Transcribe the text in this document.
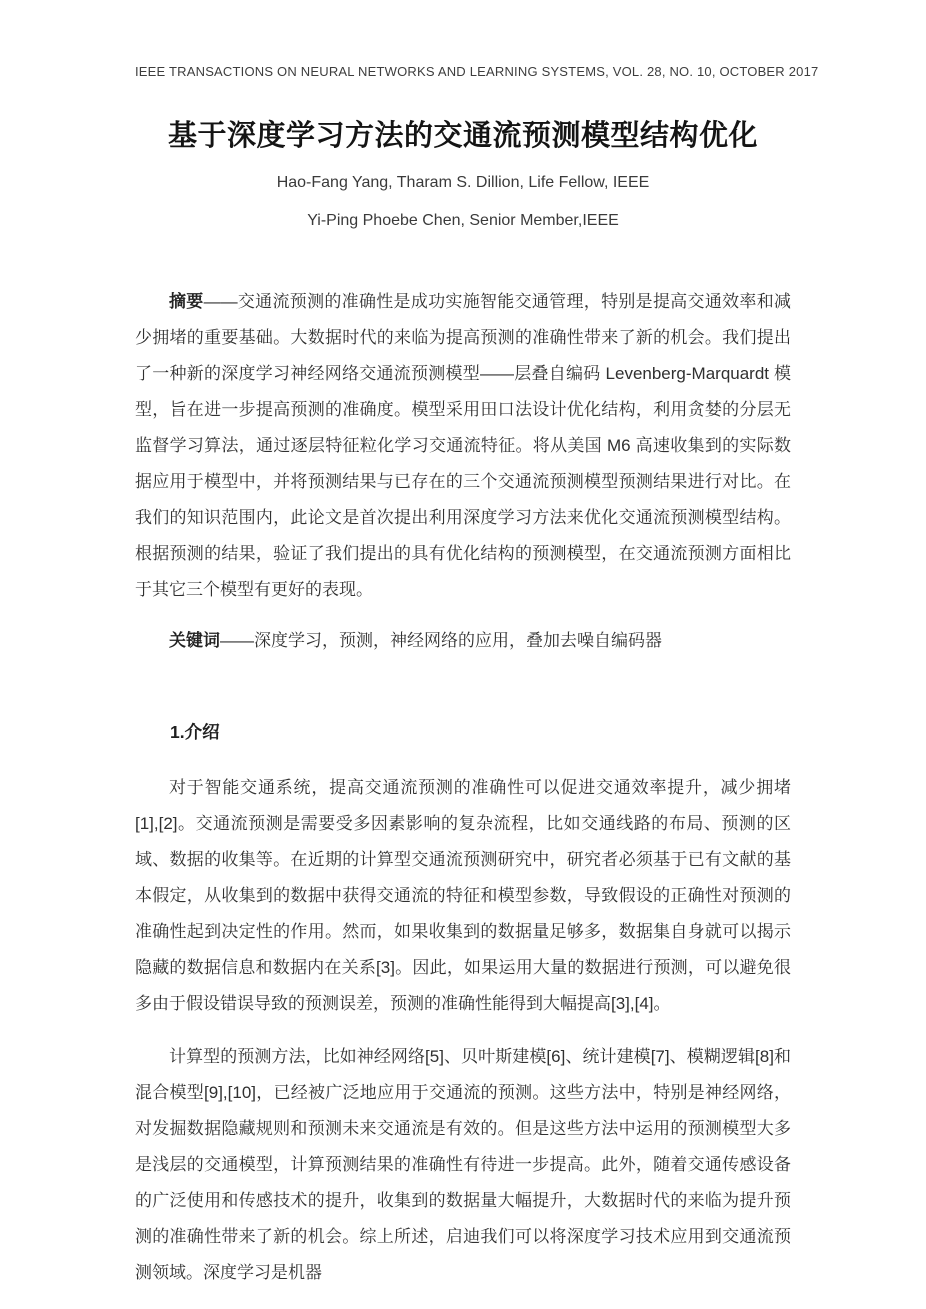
IEEE TRANSACTIONS ON NEURAL NETWORKS AND LEARNING SYSTEMS, VOL. 28, NO. 10, OCTOBER 2017
基于深度学习方法的交通流预测模型结构优化
Hao-Fang Yang, Tharam S. Dillion, Life Fellow, IEEE
Yi-Ping Phoebe Chen, Senior Member,IEEE

摘要——交通流预测的准确性是成功实施智能交通管理，特别是提高交通效率和减少拥堵的重要基础。大数据时代的来临为提高预测的准确性带来了新的机会。我们提出了一种新的深度学习神经网络交通流预测模型——层叠自编码 Levenberg-Marquardt 模型，旨在进一步提高预测的准确度。模型采用田口法设计优化结构，利用贪婪的分层无监督学习算法，通过逐层特征粒化学习交通流特征。将从美国 M6 高速收集到的实际数据应用于模型中，并将预测结果与已存在的三个交通流预测模型预测结果进行对比。在我们的知识范围内，此论文是首次提出利用深度学习方法来优化交通流预测模型结构。根据预测的结果，验证了我们提出的具有优化结构的预测模型，在交通流预测方面相比于其它三个模型有更好的表现。

关键词——深度学习，预测，神经网络的应用，叠加去噪自编码器

1.介绍

对于智能交通系统，提高交通流预测的准确性可以促进交通效率提升，减少拥堵 [1],[2]。交通流预测是需要受多因素影响的复杂流程，比如交通线路的布局、预测的区域、数据的收集等。在近期的计算型交通流预测研究中，研究者必须基于已有文献的基本假定，从收集到的数据中获得交通流的特征和模型参数，导致假设的正确性对预测的准确性起到决定性的作用。然而，如果收集到的数据量足够多，数据集自身就可以揭示隐藏的数据信息和数据内在关系[3]。因此，如果运用大量的数据进行预测，可以避免很多由于假设错误导致的预测误差，预测的准确性能得到大幅提高[3],[4]。

计算型的预测方法，比如神经网络[5]、贝叶斯建模[6]、统计建模[7]、模糊逻辑[8]和混合模型[9],[10]，已经被广泛地应用于交通流的预测。这些方法中，特别是神经网络，对发掘数据隐藏规则和预测未来交通流是有效的。但是这些方法中运用的预测模型大多是浅层的交通模型，计算预测结果的准确性有待进一步提高。此外，随着交通传感设备的广泛使用和传感技术的提升，收集到的数据量大幅提升，大数据时代的来临为提升预测的准确性带来了新的机会。综上所述，启迪我们可以将深度学习技术应用到交通流预测领域。深度学习是机器
